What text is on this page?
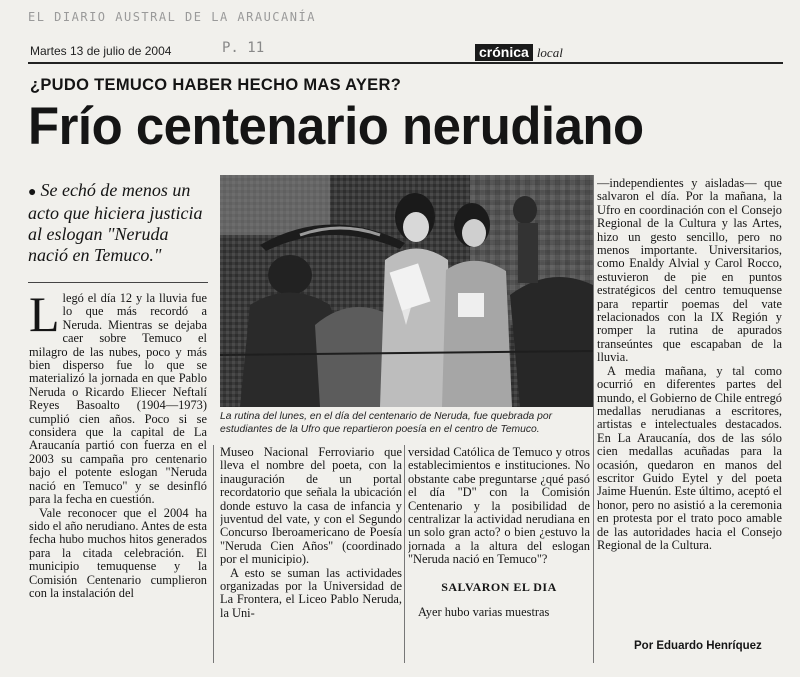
EL DIARIO AUSTRAL DE LA ARAUCANÍA
Martes 13 de julio de 2004	P. 11	crónica local
¿PUDO TEMUCO HABER HECHO MAS AYER?
Frío centenario nerudiano
● Se echó de menos un acto que hiciera justicia al eslogan "Neruda nació en Temuco."

Llegó el día 12 y la lluvia fue lo que más recordó a Neruda. Mientras se dejaba caer sobre Temuco el milagro de las nubes, poco y más bien disperso fue lo que se materializó la jornada en que Pablo Neruda o Ricardo Eliecer Neftalí Reyes Basoalto (1904—1973) cumplió cien años. Poco si se considera que la capital de La Araucanía partió con fuerza en el 2003 su campaña pro centenario bajo el potente eslogan "Neruda nació en Temuco" y se desinfló para la fecha en cuestión.

Vale reconocer que el 2004 ha sido el año nerudiano. Antes de esta fecha hubo muchos hitos generados para la citada celebración. El municipio temuquense y la Comisión Centenario cumplieron con la instalación del

La rutina del lunes, en el día del centenario de Neruda, fue quebrada por estudiantes de la Ufro que repartieron poesía en el centro de Temuco.

Museo Nacional Ferroviario que lleva el nombre del poeta, con la inauguración de un portal recordatorio que señala la ubicación donde estuvo la casa de infancia y juventud del vate, y con el Segundo Concurso Iberoamericano de Poesía "Neruda Cien Años" (coordinado por el municipio).

A esto se suman las actividades organizadas por la Universidad de La Frontera, el Liceo Pablo Neruda, la Uni-

versidad Católica de Temuco y otros establecimientos e instituciones. No obstante cabe preguntarse ¿qué pasó el día "D" con la Comisión Centenario y la posibilidad de centralizar la actividad nerudiana en un solo gran acto? o bien ¿estuvo la jornada a la altura del eslogan "Neruda nació en Temuco"?

SALVARON EL DIA

Ayer hubo varias muestras

—independientes y aisladas— que salvaron el día. Por la mañana, la Ufro en coordinación con el Consejo Regional de la Cultura y las Artes, hizo un gesto sencillo, pero no menos importante. Universitarios, como Enaldy Alvial y Carol Rocco, estuvieron de pie en puntos estratégicos del centro temuquense para repartir poemas del vate relacionados con la IX Región y romper la rutina de apurados transeúntes que escapaban de la lluvia.

A media mañana, y tal como ocurrió en diferentes partes del mundo, el Gobierno de Chile entregó medallas nerudianas a escritores, artistas e intelectuales destacados. En La Araucanía, dos de las sólo cien medallas acuñadas para la ocasión, quedaron en manos del escritor Guido Eytel y del poeta Jaime Huenún. Este último, aceptó el honor, pero no asistió a la ceremonia en protesta por el trato poco amable de las autoridades hacia el Consejo Regional de la Cultura.

Por Eduardo Henríquez
